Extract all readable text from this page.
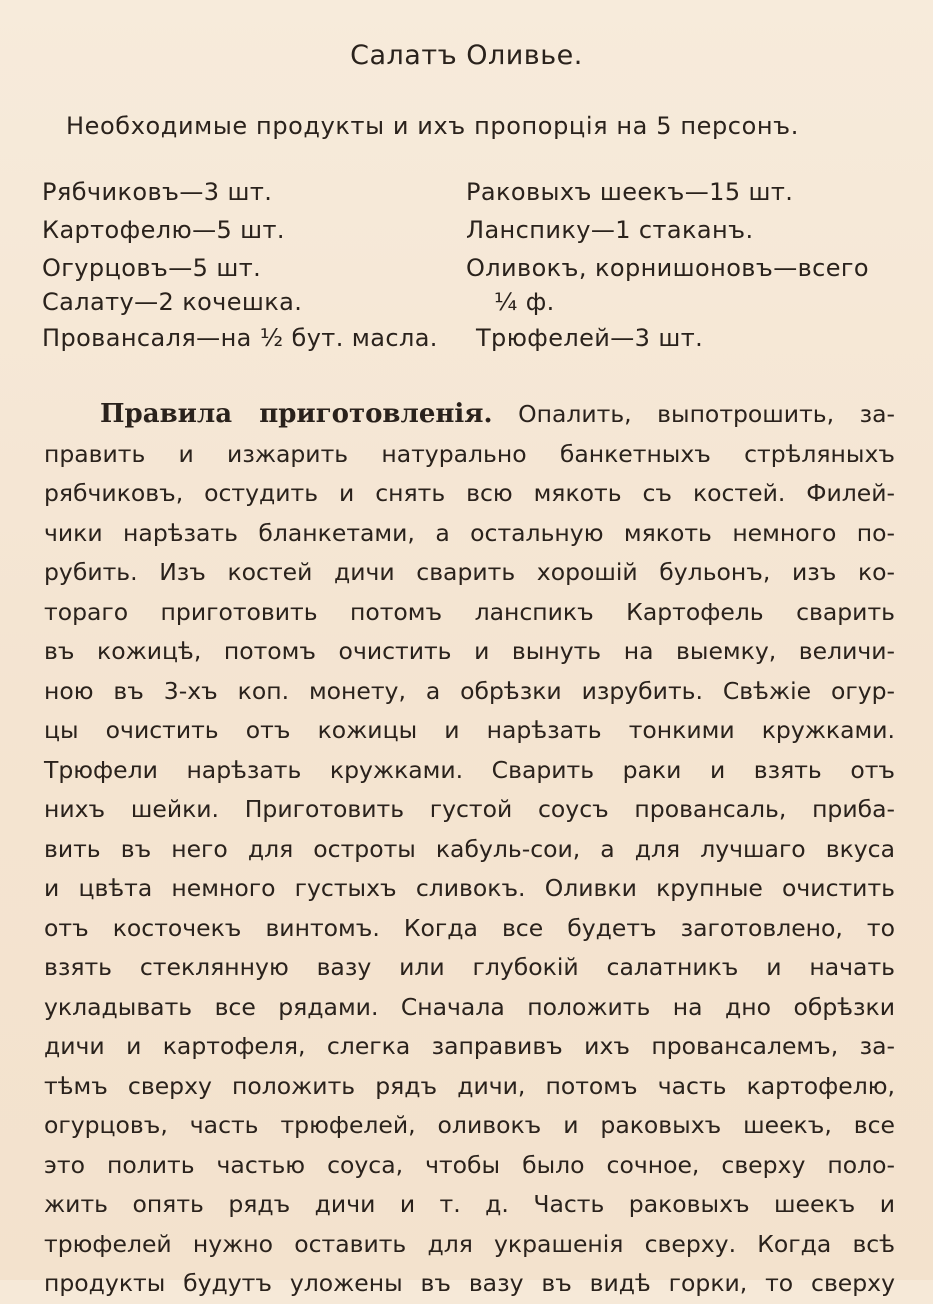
Салатъ Оливье.
Необходимые продукты и ихъ пропорція на 5 персонъ.
Рябчиковъ—3 шт.
Картофелю—5 шт.
Огурцовъ—5 шт.
Салату—2 кочешка.
Провансаля—на ½ бут. масла.
Раковыхъ шеекъ—15 шт.
Ланспику—1 стаканъ.
Оливокъ, корнишоновъ—всего
¼ ф.
Трюфелей—3 шт.

Правила приготовленія. Опалить, выпотрошить, за-

править и изжарить натурально банкетныхъ стрѣляныхъ

рябчиковъ, остудить и снять всю мякоть съ костей. Филей-

чики нарѣзать бланкетами, а остальную мякоть немного по-

рубить. Изъ костей дичи сварить хорошій бульонъ, изъ ко-

тораго приготовить потомъ ланспикъ Картофель сварить

въ кожицѣ, потомъ очистить и вынуть на выемку, величи-

ною въ 3-хъ коп. монету, а обрѣзки изрубить. Свѣжіе огур-

цы очистить отъ кожицы и нарѣзать тонкими кружками.

Трюфели нарѣзать кружками. Сварить раки и взять отъ

нихъ шейки. Приготовить густой соусъ провансаль, приба-

вить въ него для остроты кабуль-сои, а для лучшаго вкуса

и цвѣта немного густыхъ сливокъ. Оливки крупные очистить

отъ косточекъ винтомъ. Когда все будетъ заготовлено, то

взять стеклянную вазу или глубокій салатникъ и начать

укладывать все рядами. Сначала положить на дно обрѣзки

дичи и картофеля, слегка заправивъ ихъ провансалемъ, за-

тѣмъ сверху положить рядъ дичи, потомъ часть картофелю,

огурцовъ, часть трюфелей, оливокъ и раковыхъ шеекъ, все

это полить частью соуса, чтобы было сочное, сверху поло-

жить опять рядъ дичи и т. д. Часть раковыхъ шеекъ и

трюфелей нужно оставить для украшенія сверху. Когда всѣ

продукты будутъ уложены въ вазу въ видѣ горки, то сверху
